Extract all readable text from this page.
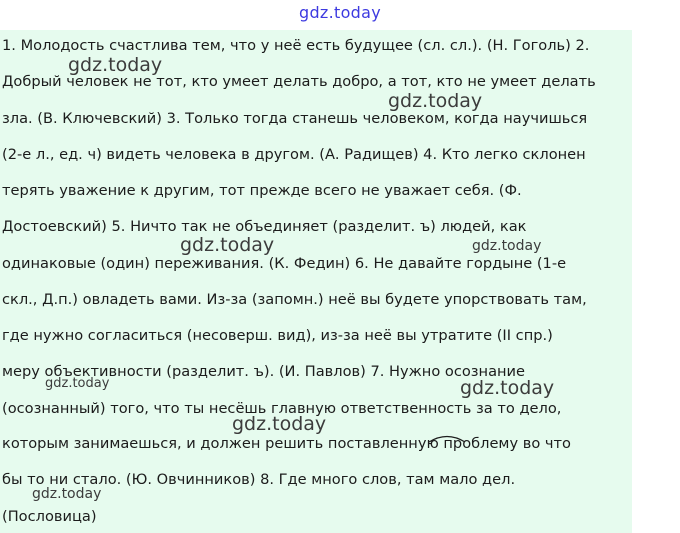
gdz.today
1. Молодость счастлива тем, что у неё есть будущее (сл. сл.). (Н. Гоголь) 2.
Добрый человек не тот, кто умеет делать добро, а тот, кто не умеет делать
зла. (В. Ключевский) 3. Только тогда станешь человеком, когда научишься
(2-е л., ед. ч) видеть человека в другом. (А. Радищев) 4. Кто легко склонен
терять уважение к другим, тот прежде всего не уважает себя. (Ф.
Достоевский) 5. Ничто так не объединяет (разделит. ъ) людей, как
одинаковые (один) переживания. (К. Федин) 6. Не давайте гордыне (1-е
скл., Д.п.) овладеть вами. Из-за (запомн.) неё вы будете упорствовать там,
где нужно согласиться (несоверш. вид), из-за неё вы утратите (II спр.)
меру объективности (разделит. ъ). (И. Павлов) 7. Нужно осознание
(осознанный) того, что ты несёшь главную ответственность за то дело,
которым занимаешься, и должен решить поставленную проблему во что
бы то ни стало. (Ю. Овчинников) 8. Где много слов, там мало дел.
(Пословица)
gdz.today
gdz.today
gdz.today	gdz.today
gdz.today	gdz.today
gdz.today
gdz.today
